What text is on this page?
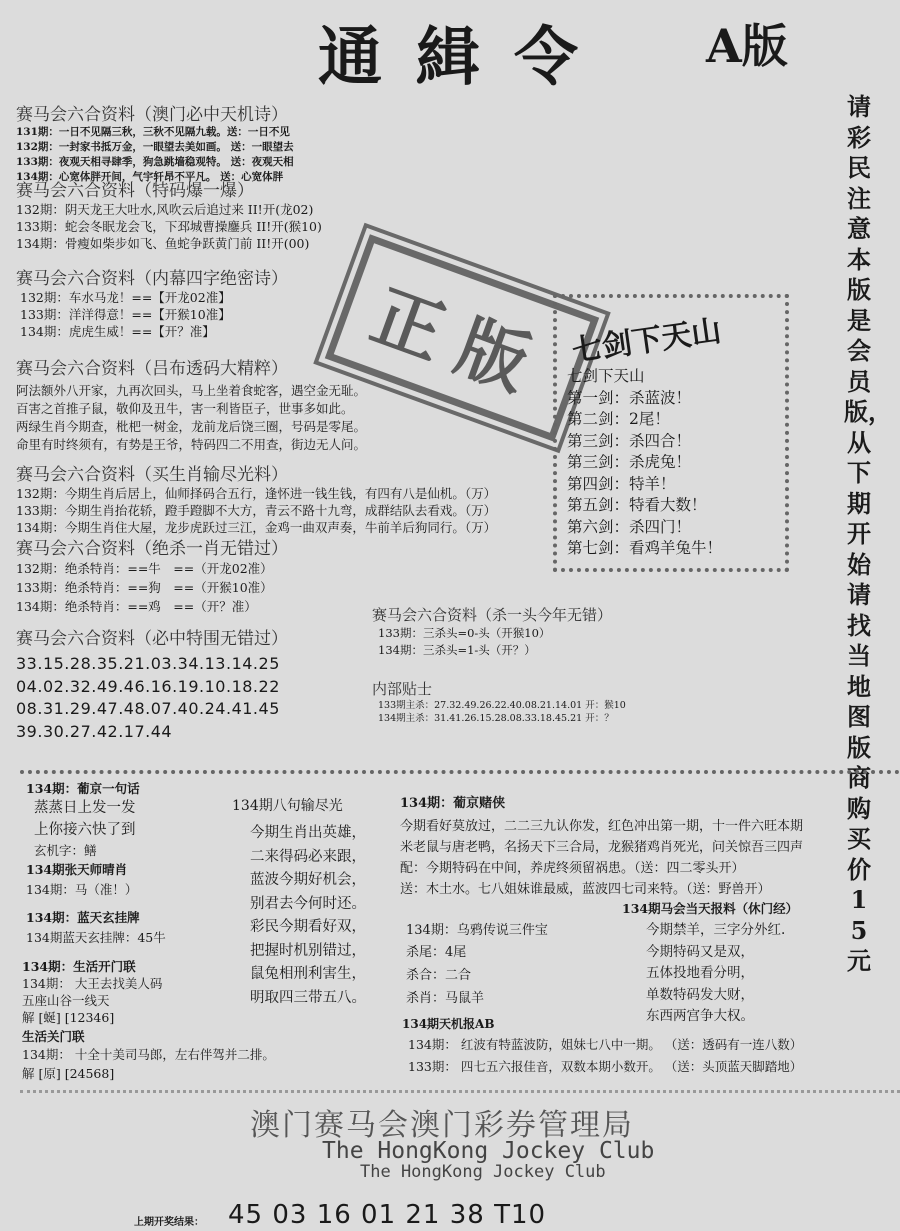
通緝令 A版
请彩民注意本版是会员版，从下期开始请找当地图版商购买价15元
赛马会六合资料（澳门必中天机诗）
131期：一日不见隔三秋，三秋不见隔九载。送：一日不见
132期：一封家书抵万金，一眼望去美如画。 送：一眼望去
133期：夜观天相寻肆季，狗急跳墙稳观特。 送：夜观天相
134期：心宽体胖开间，气宇轩昂不平凡。 送：心宽体胖
赛马会六合资料（特码爆一爆）
132期：阴天龙王大吐水,风吹云后追过来 II!开(龙02)
133期：蛇会冬眠龙会飞，下邳城曹操鏖兵 II!开(猴10)
134期：骨瘦如柴步如飞、鱼蛇争跃黄门前 II!开(00)
赛马会六合资料（内幕四字绝密诗）
132期：车水马龙！==【开龙02准】
133期：洋洋得意！==【开猴10准】
134期：虎虎生威！==【开？准】
赛马会六合资料（吕布透码大精粹）
阿法额外八开家，九再次回头，马上坐着食蛇客，遇空金无耻。
百害之首推子鼠，敬仰及丑牛，害一利皆臣子，世事多如此。
两绿生肖今期查，枇杷一树金，龙前龙后饶三圈，号码是零尾。
命里有时终须有，有势是王爷，特码四二不用查，街边无人问。
正版 七剑下天山
七剑下天山
第一剑：杀蓝波！
第二剑：2尾！
第三剑：杀四合！
第三剑：杀虎兔！
第四剑：特羊！
第五剑：特看大数！
第六剑：杀四门！
第七剑：看鸡羊兔牛！
赛马会六合资料（买生肖输尽光料）
132期：今期生肖后居上，仙师择码合五行，逢怀进一钱生钱，有四有八是仙机。（万）
133期：今期生肖抬花轿，蹬手蹬脚不大方，青云不路十九弯，成群结队去看戏。（万）
134期：今期生肖住大屋，龙步虎跃过三江，金鸡一曲双声奏，牛前羊后狗同行。（万）
赛马会六合资料（绝杀一肖无错过）
132期：绝杀特肖：==牛　==（开龙02准）
133期：绝杀特肖：==狗　==（开猴10准）
134期：绝杀特肖：==鸡　==（开？准）
赛马会六合资料（必中特围无错过）
33.15.28.35.21.03.34.13.14.25
04.02.32.49.46.16.19.10.18.22
08.31.29.47.48.07.40.24.41.45
39.30.27.42.17.44
赛马会六合资料（杀一头今年无错）
133期：三杀头=0-头（开猴10）
134期：三杀头=1-头（开？）
内部贴士
133期主杀：27.32.49.26.22.40.08.21.14.01 开：猴10
134期主杀：31.41.26.15.28.08.33.18.45.21 开：？
134期：葡京一句话
蒸蒸日上发一发
上你接六快了到
玄机字：鳝
134期张天师晴肖
134期：马（准！）
134期：蓝天玄挂牌
134期蓝天玄挂牌：45牛
134期：生活开门联
134期： 大王去找美人码
五座山谷一线天
解 [蜒] [12346]
生活关门联
134期： 十全十美司马郎，左右伴驾并二排。
解 [原] [24568]
134期八句输尽光
今期生肖出英雄，
二来得码必来跟，
蓝波今期好机会，
别君去今何时还。
彩民今期看好双，
把握时机别错过，
鼠兔相刑利害生，
明取四三带五八。
134期：葡京赌侠
今期看好莫放过，二二三九认你发，红色冲出第一期，十一件六旺本期
米老鼠与唐老鸭，名扬天下三合局，龙猴猪鸡肖死光，问关惊吾三四声
配：今期特码在中间，养虎终须留祸患。（送：四二零头开）
送：木土水。七八姐妹谁最威，蓝波四七司来特。（送：野兽开）
134期：乌鸦传说三件宝
杀尾：4尾
杀合：二合
杀肖：马鼠羊
134期马会当天报料（休门经）
今期禁羊，三字分外红.
今期特码又是双，
五体投地看分明，
单数特码发大财，
东西两宫争大权。
134期天机报AB
134期： 红波有特蓝波防，姐妹七八中一期。 （送：透码有一连八数）
133期： 四七五六报佳音，双数本期小数开。 （送：头顶蓝天脚踏地）
澳门赛马会澳门彩券管理局
The HongKong Jockey Club
The HongKong Jockey Club
上期开奖结果： 45 03 16 01 21 38 T10
